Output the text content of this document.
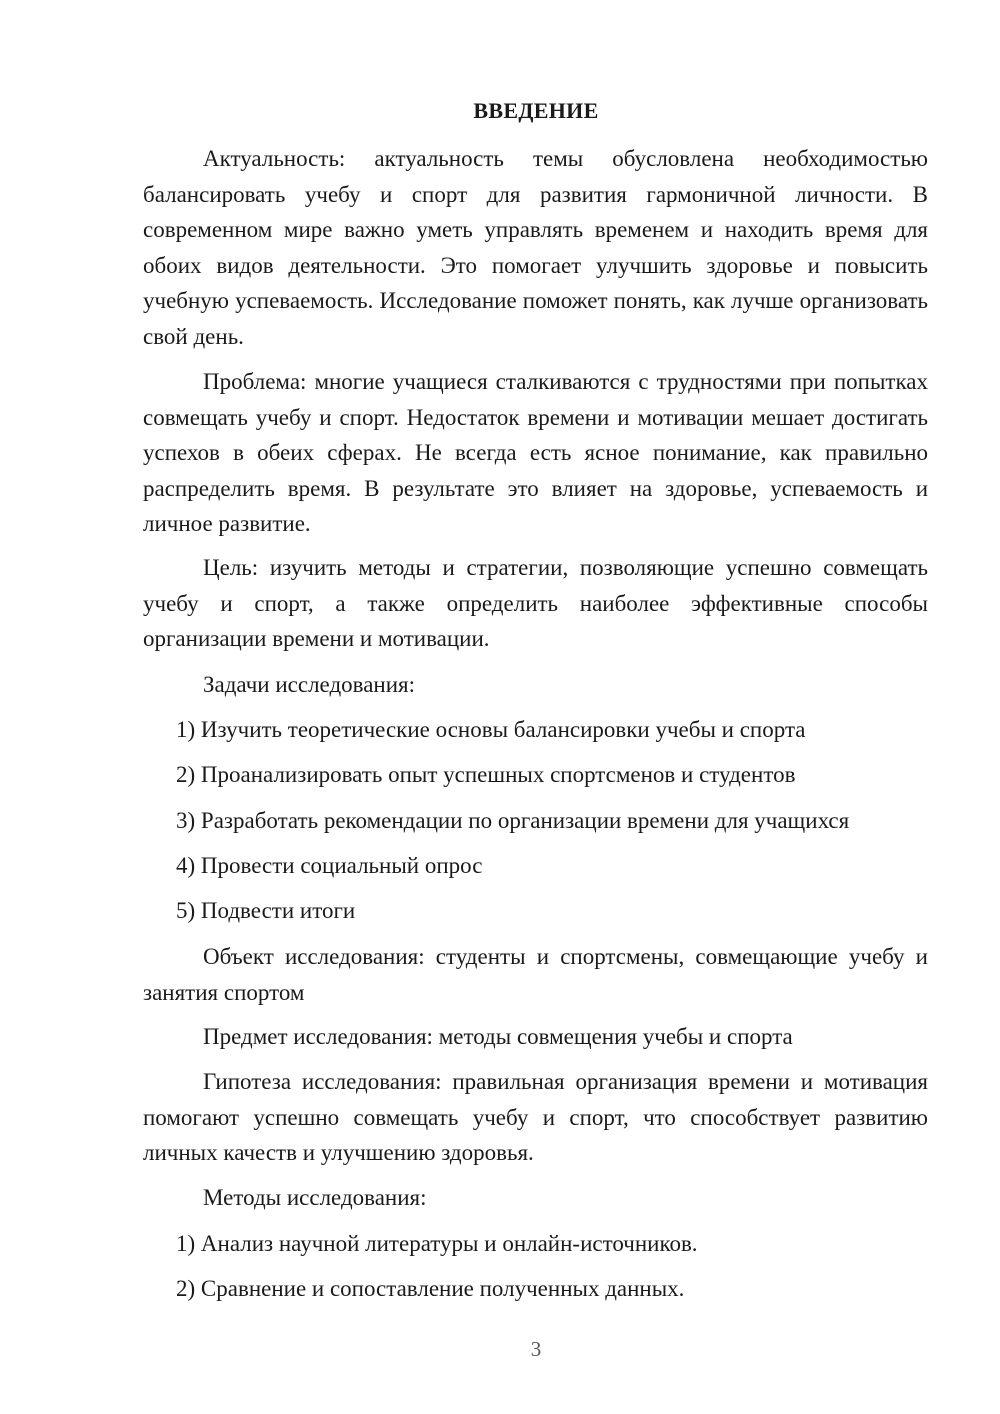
ВВЕДЕНИЕ

Актуальность: актуальность темы обусловлена необходимостью балансировать учебу и спорт для развития гармоничной личности. В современном мире важно уметь управлять временем и находить время для обоих видов деятельности. Это помогает улучшить здоровье и повысить учебную успеваемость. Исследование поможет понять, как лучше организовать свой день.

Проблема: многие учащиеся сталкиваются с трудностями при попытках совмещать учебу и спорт. Недостаток времени и мотивации мешает достигать успехов в обеих сферах. Не всегда есть ясное понимание, как правильно распределить время. В результате это влияет на здоровье, успеваемость и личное развитие.

Цель: изучить методы и стратегии, позволяющие успешно совмещать учебу и спорт, а также определить наиболее эффективные способы организации времени и мотивации.

Задачи исследования:

1) Изучить теоретические основы балансировки учебы и спорта

2) Проанализировать опыт успешных спортсменов и студентов

3) Разработать рекомендации по организации времени для учащихся

4) Провести социальный опрос

5) Подвести итоги

Объект исследования: студенты и спортсмены, совмещающие учебу и занятия спортом

Предмет исследования: методы совмещения учебы и спорта

Гипотеза исследования: правильная организация времени и мотивация помогают успешно совмещать учебу и спорт, что способствует развитию личных качеств и улучшению здоровья.

Методы исследования:

1) Анализ научной литературы и онлайн-источников.

2) Сравнение и сопоставление полученных данных.

3
